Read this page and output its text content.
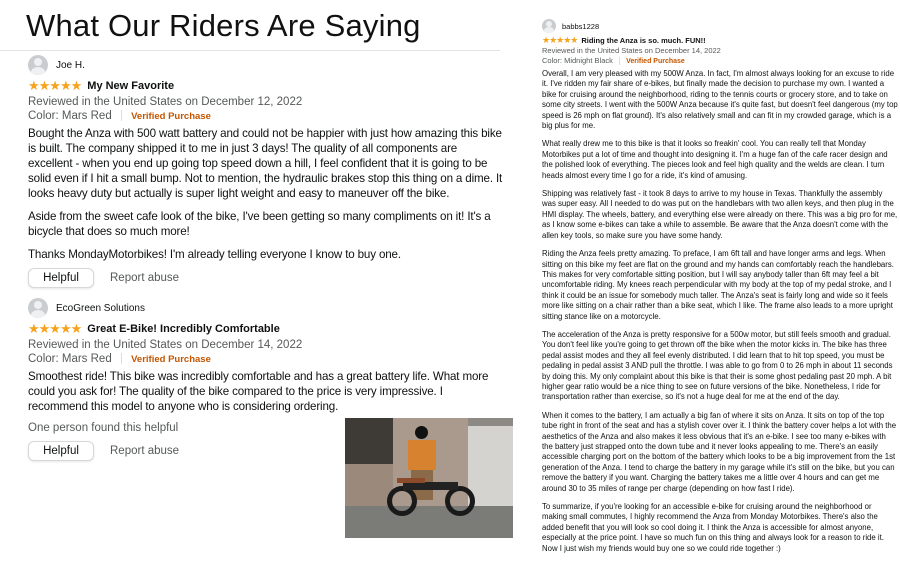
What Our Riders Are Saying
Joe H.
★★★★★ My New Favorite
Reviewed in the United States on December 12, 2022
Color: Mars Red Verified Purchase

Bought the Anza with 500 watt battery and could not be happier with just how amazing this bike is built. The company shipped it to me in just 3 days! The quality of all components are excellent - when you end up going top speed down a hill, I feel confident that it is going to be solid even if I hit a small bump. Not to mention, the hydraulic brakes stop this thing on a dime. It looks heavy duty but actually is super light weight and easy to maneuver off the bike.

Aside from the sweet cafe look of the bike, I've been getting so many compliments on it! It's a bicycle that does so much more!

Thanks MondayMotorbikes! I'm already telling everyone I know to buy one.

Helpful	Report abuse
EcoGreen Solutions
★★★★★ Great E-Bike! Incredibly Comfortable
Reviewed in the United States on December 14, 2022
Color: Mars Red Verified Purchase

Smoothest ride! This bike was incredibly comfortable and has a great battery life. What more could you ask for! The quality of the bike compared to the price is very impressive. I recommend this model to anyone who is considering ordering.

One person found this helpful
Helpful	Report abuse
babbs1228
★★★★★ Riding the Anza is so. much. FUN!!
Reviewed in the United States on December 14, 2022
Color: Midnight Black Verified Purchase

Overall, I am very pleased with my 500W Anza. In fact, I'm almost always looking for an excuse to ride it. I've ridden my fair share of e-bikes, but finally made the decision to purchase my own. I wanted a bike for cruising around the neighborhood, riding to the tennis courts or grocery store, and to take on some city streets. I went with the 500W Anza because it's quite fast, but doesn't feel dangerous (my top speed is 26 mph on flat ground). It's also relatively small and can fit in my crowded garage, which is a big plus for me.

What really drew me to this bike is that it looks so freakin' cool. You can really tell that Monday Motorbikes put a lot of time and thought into designing it. I'm a huge fan of the cafe racer design and the polished look of everything. The pieces look and feel high quality and the welds are clean. I turn heads almost every time I go for a ride, it's kind of amusing.

Shipping was relatively fast - it took 8 days to arrive to my house in Texas. Thankfully the assembly was super easy. All I needed to do was put on the handlebars with two allen keys, and then plug in the HMI display. The wheels, battery, and everything else were already on there. This was a big pro for me, as I know some e-bikes can take a while to assemble. Be aware that the Anza doesn't come with the allen key tools, so make sure you have some handy.

Riding the Anza feels pretty amazing. To preface, I am 6ft tall and have longer arms and legs. When sitting on this bike my feet are flat on the ground and my hands can comfortably reach the handlebars. This makes for very comfortable sitting position, but I will say anybody taller than 6ft may feel a bit uncomfortable riding. My knees reach perpendicular with my body at the top of my pedal stroke, and I think it could be an issue for somebody much taller. The Anza's seat is fairly long and wide so it feels more like sitting on a chair rather than a bike seat, which I like. The frame also leads to a more upright sitting stance like on a motorcycle.

The acceleration of the Anza is pretty responsive for a 500w motor, but still feels smooth and gradual. You don't feel like you're going to get thrown off the bike when the motor kicks in. The bike has three pedal assist modes and they all feel evenly distributed. I did learn that to hit top speed, you must be pedaling in pedal assist 3 AND pull the throttle. I was able to go from 0 to 26 mph in about 11 seconds by doing this. My only complaint about this bike is that their is some ghost pedaling past 20 mph. A bit higher gear ratio would be a nice thing to see on future versions of the bike. Nonetheless, I ride for transportation rather than exercise, so it's not a huge deal for me at the end of the day.

When it comes to the battery, I am actually a big fan of where it sits on Anza. It sits on top of the top tube right in front of the seat and has a stylish cover over it. I think the battery cover helps a lot with the aesthetics of the Anza and also makes it less obvious that it's an e-bike. I see too many e-bikes with the battery just strapped onto the down tube and it never looks appealing to me. There's an easily accessible charging port on the bottom of the battery which looks to be a big improvement from the 1st generation of the Anza. I tend to charge the battery in my garage while it's still on the bike, but you can remove the battery if you want. Charging the battery takes me a little over 4 hours and can get me around 30 to 35 miles of range per charge (depending on how fast I ride).

To summarize, if you're looking for an accessible e-bike for cruising around the neighborhood or making small commutes, I highly recommend the Anza from Monday Motorbikes. There's also the added benefit that you will look so cool doing it. I think the Anza is accessible for almost anyone, especially at the price point. I have so much fun on this thing and always look for a reason to ride it. Now I just wish my friends would buy one so we could ride together :)
